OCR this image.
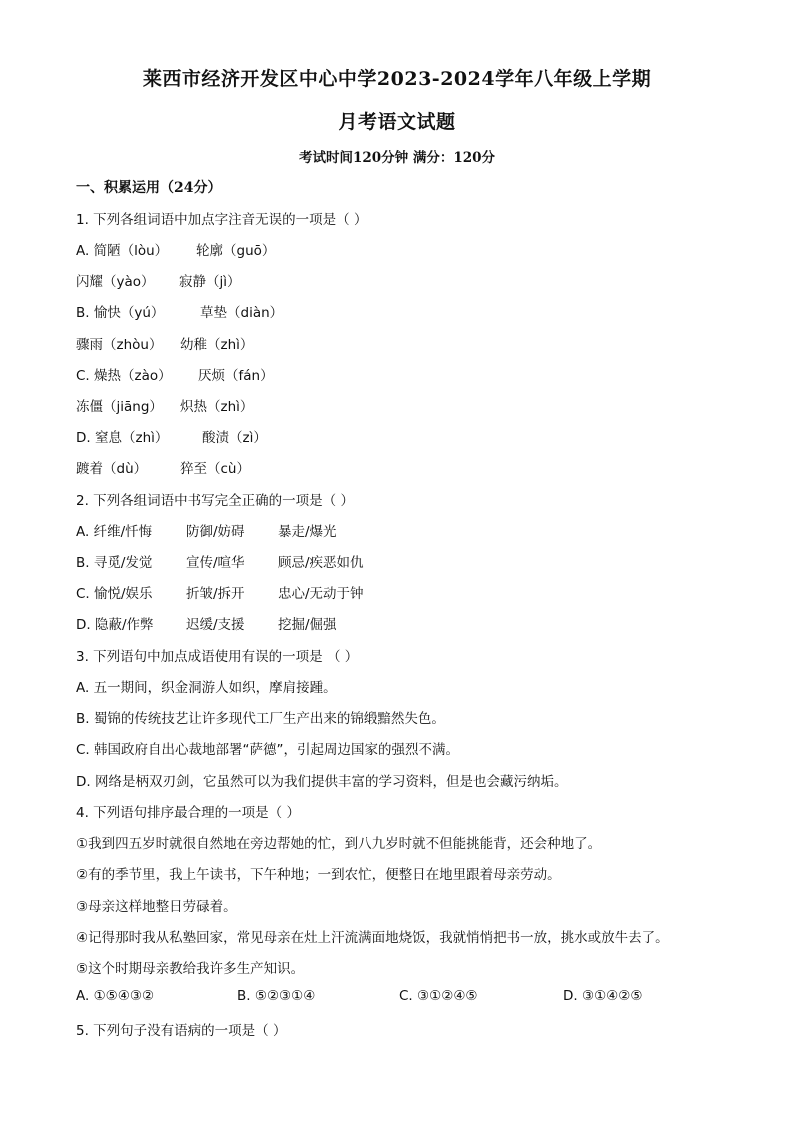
莱西市经济开发区中心中学2023-2024学年八年级上学期
月考语文试题
考试时间120分钟 满分：120分
一、积累运用（24分）
1. 下列各组词语中加点字注音无误的一项是（ ）
A. 简陋（lòu） 轮廓（guō）
闪耀（yào） 寂静（jì）
B. 愉快（yú）	草垫（diàn）
骤雨（zhòu） 幼稚（zhì）
C. 燥热（zào） 厌烦（fán）
冻僵（jiāng） 炽热（zhì）
D. 窒息（zhì） 酸渍（zì）
踱着（dù） 猝至（cù）
2. 下列各组词语中书写完全正确的一项是（ ）
A. 纤维/忏悔	防御/妨碍 暴走/爆光
B. 寻觅/发觉 宣传/喧华 顾忌/疾恶如仇
C. 愉悦/娱乐 折皱/拆开 忠心/无动于钟
D. 隐蔽/作弊 迟缓/支援 挖掘/倔强
3. 下列语句中加点成语使用有误的一项是 （ ）
A. 五一期间，织金洞游人如织，摩肩接踵。
B. 蜀锦的传统技艺让许多现代工厂生产出来的锦缎黯然失色。
C. 韩国政府自出心裁地部署“萨德”，引起周边国家的强烈不满。
D. 网络是柄双刃剑，它虽然可以为我们提供丰富的学习资料，但是也会藏污纳垢。
4. 下列语句排序最合理的一项是（ ）
①我到四五岁时就很自然地在旁边帮她的忙，到八九岁时就不但能挑能背，还会种地了。
②有的季节里，我上午读书，下午种地；一到农忙，便整日在地里跟着母亲劳动。
③母亲这样地整日劳碌着。
④记得那时我从私塾回家，常见母亲在灶上汗流满面地烧饭，我就悄悄把书一放，挑水或放牛去了。
⑤这个时期母亲教给我许多生产知识。
A. ①⑤④③②	B. ⑤②③①④	C. ③①②④⑤	D. ③①④②⑤
5. 下列句子没有语病的一项是（ ）
